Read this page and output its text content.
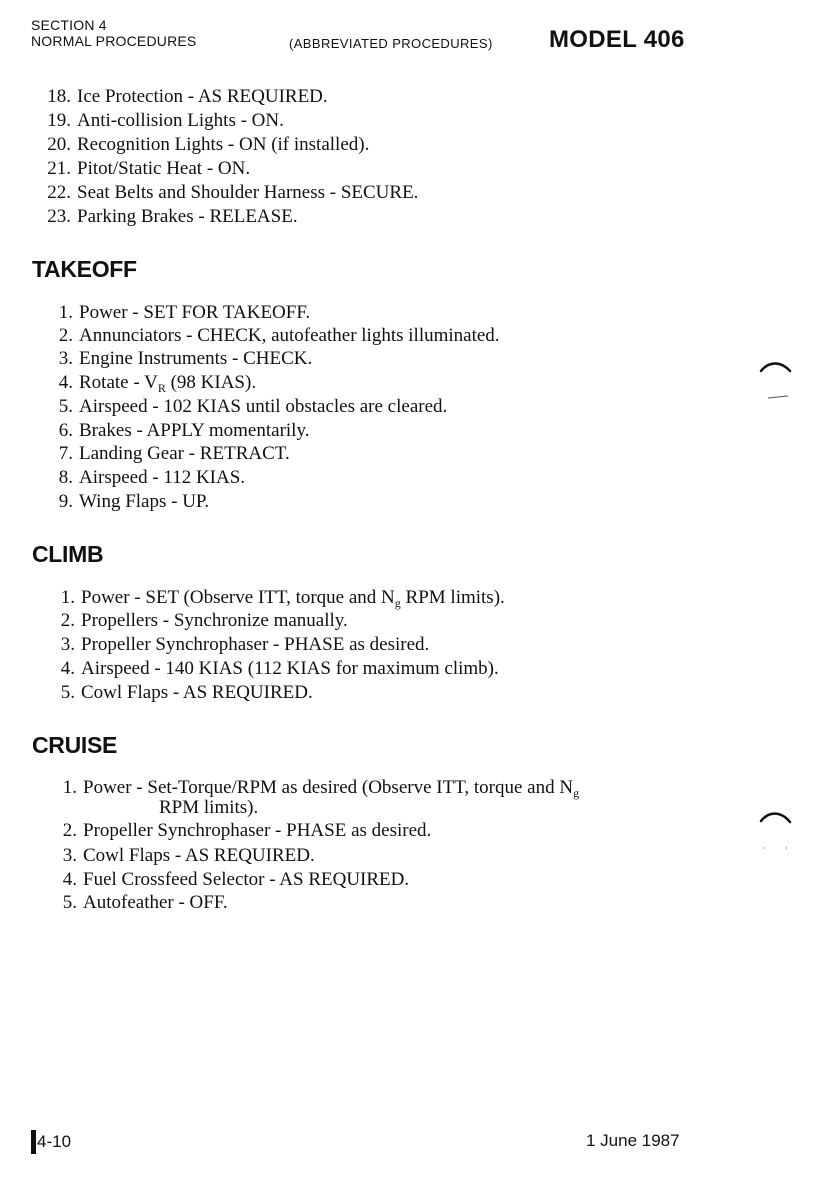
SECTION 4
NORMAL PROCEDURES	(ABBREVIATED PROCEDURES) MODEL 406
18. Ice Protection - AS REQUIRED.
19. Anti-collision Lights - ON.
20. Recognition Lights - ON (if installed).
21. Pitot/Static Heat - ON.
22. Seat Belts and Shoulder Harness - SECURE.
23. Parking Brakes - RELEASE.
TAKEOFF
1. Power - SET FOR TAKEOFF.
2. Annunciators - CHECK, autofeather lights illuminated.
3. Engine Instruments - CHECK.
4. Rotate - $V_R$ (98 KIAS).
5. Airspeed - 102 KIAS until obstacles are cleared.
6. Brakes - APPLY momentarily.
7. Landing Gear - RETRACT.
8. Airspeed - 112 KIAS.
9. Wing Flaps - UP.
CLIMB
1. Power - SET (Observe ITT, torque and $N_g$ RPM limits).
2. Propellers - Synchronize manually.
3. Propeller Synchrophaser - PHASE as desired.
4. Airspeed - 140 KIAS (112 KIAS for maximum climb).
5. Cowl Flaps - AS REQUIRED.
CRUISE
1. Power - Set-Torque/RPM as desired (Observe ITT, torque and $N_g$
RPM limits).
2. Propeller Synchrophaser - PHASE as desired.
3. Cowl Flaps - AS REQUIRED.
4. Fuel Crossfeed Selector - AS REQUIRED.
5. Autofeather - OFF.
4-10	1 June 1987
